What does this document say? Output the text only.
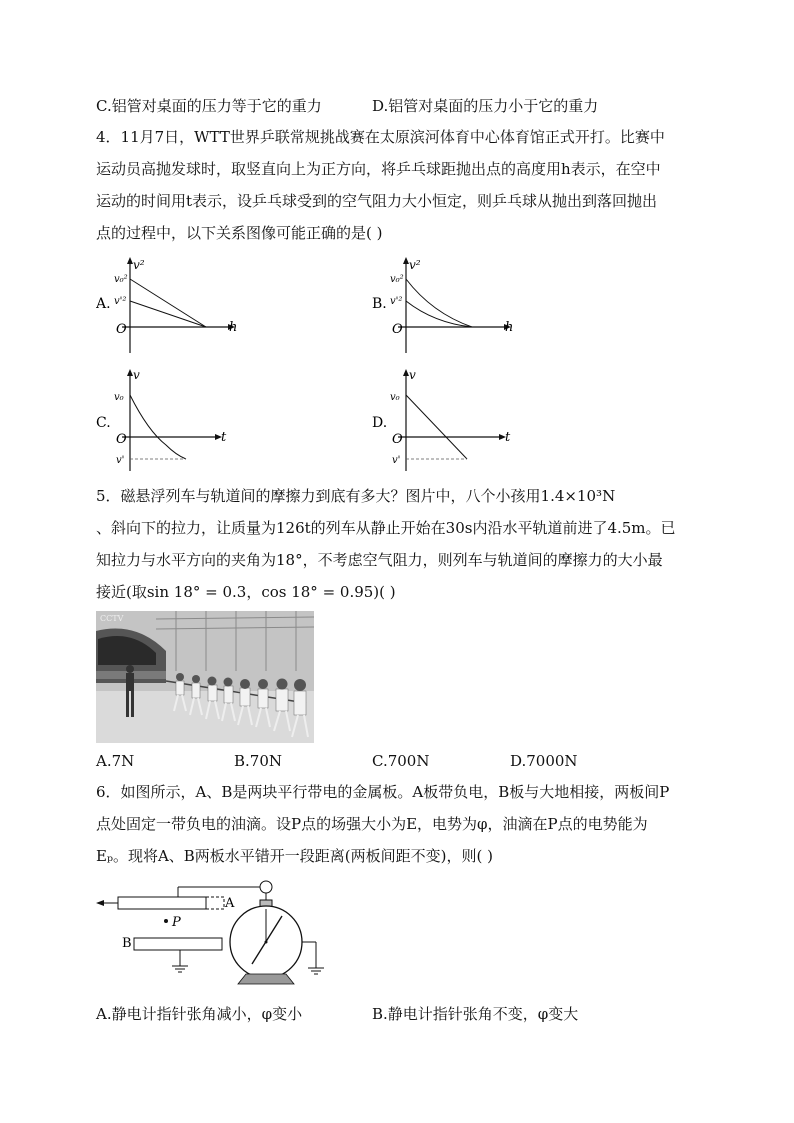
C.铝管对桌面的压力等于它的重力	D.铝管对桌面的压力小于它的重力
4．11月7日，WTT世界乒联常规挑战赛在太原滨河体育中心体育馆正式开打。比赛中
运动员高抛发球时，取竖直向上为正方向，将乒乓球距抛出点的高度用h表示，在空中
运动的时间用t表示，设乒乓球受到的空气阻力大小恒定，则乒乓球从抛出到落回抛出
点的过程中，以下关系图像可能正确的是( )
A.
v²
v₀²
v'²
O	h
B.
v²
v₀²
v'²
O	h
C.
v
v₀
O
v'
t
D.
v
v₀
O
v'
t
5．磁悬浮列车与轨道间的摩擦力到底有多大？图片中，八个小孩用1.4×10³N
、斜向下的拉力，让质量为126t的列车从静止开始在30s内沿水平轨道前进了4.5m。已
知拉力与水平方向的夹角为18°，不考虑空气阻力，则列车与轨道间的摩擦力的大小最
接近(取sin 18° = 0.3，cos 18° = 0.95)( )
CCTV
A.7N	B.70N	C.700N	D.7000N
6．如图所示，A、B是两块平行带电的金属板。A板带负电，B板与大地相接，两板间P
点处固定一带负电的油滴。设P点的场强大小为E，电势为φ，油滴在P点的电势能为
Eₚ。现将A、B两板水平错开一段距离(两板间距不变)，则( )
A
P
B
A.静电计指针张角减小，φ变小	B.静电计指针张角不变，φ变大
